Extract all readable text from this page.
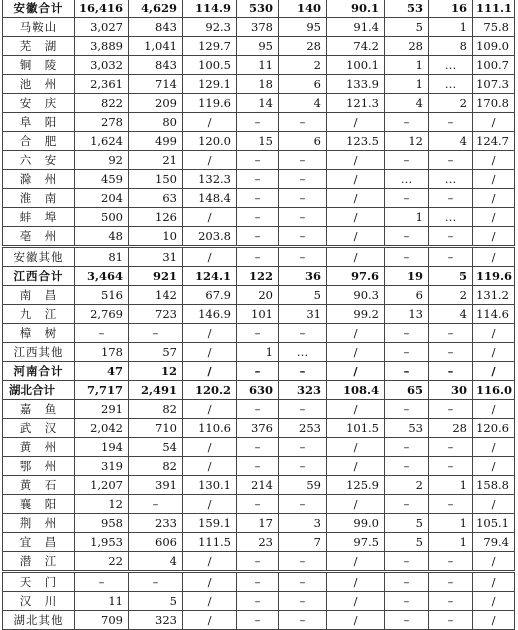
安徽合计	16,416	4,629	114.9	530	140	90.1	53	16	111.1
马鞍山	3,027	843	92.3	378	95	91.4	5	1	75.8
芜　湖	3,889	1,041	129.7	95	28	74.2	28	8	109.0
铜　陵	3,032	843	100.5	11	2	100.1	1	…	100.7
池　州	2,361	714	129.1	18	6	133.9	1	…	107.3
安　庆	822	209	119.6	14	4	121.3	4	2	170.8
阜　阳	278	80	/	–	–	/	–	–	/
合　肥	1,624	499	120.0	15	6	123.5	12	4	124.7
六　安	92	21	/	–	–	/	–	–	/
滁　州	459	150	132.3	–	–	/	…	…	/
淮　南	204	63	148.4	–	–	/	–	–	/
蚌　埠	500	126	/	–	–	/	1	…	/
亳　州	48	10	203.8	–	–	/	–	–	/
安徽其他	81	31	/	–	–	/	–	–	/
江西合计	3,464	921	124.1	122	36	97.6	19	5	119.6
南　昌	516	142	67.9	20	5	90.3	6	2	131.2
九　江	2,769	723	146.9	101	31	99.2	13	4	114.6
樟　树	–	–	/	–	–	/	–	–	/
江西其他	178	57	/	1	…	/	–	–	/
河南合计	47	12	/	–	–	/	–	–	/
湖北合计	7,717	2,491	120.2	630	323	108.4	65	30	116.0
嘉　鱼	291	82	/	–	–	/	–	–	/
武　汉	2,042	710	110.6	376	253	101.5	53	28	120.6
黄　州	194	54	/	–	–	/	–	–	/
鄂　州	319	82	/	–	–	/	–	–	/
黄　石	1,207	391	130.1	214	59	125.9	2	1	158.8
襄　阳	12	–	/	–	–	/	–	–	/
荆　州	958	233	159.1	17	3	99.0	5	1	105.1
宜　昌	1,953	606	111.5	23	7	97.5	5	1	79.4
潜　江	22	4	/	–	–	/	–	–	/
天　门	–	–	/	–	–	/	–	–	/
汉　川	11	5	/	–	–	/	–	–	/
湖北其他	709	323	/	–	–	/	–	–	/
